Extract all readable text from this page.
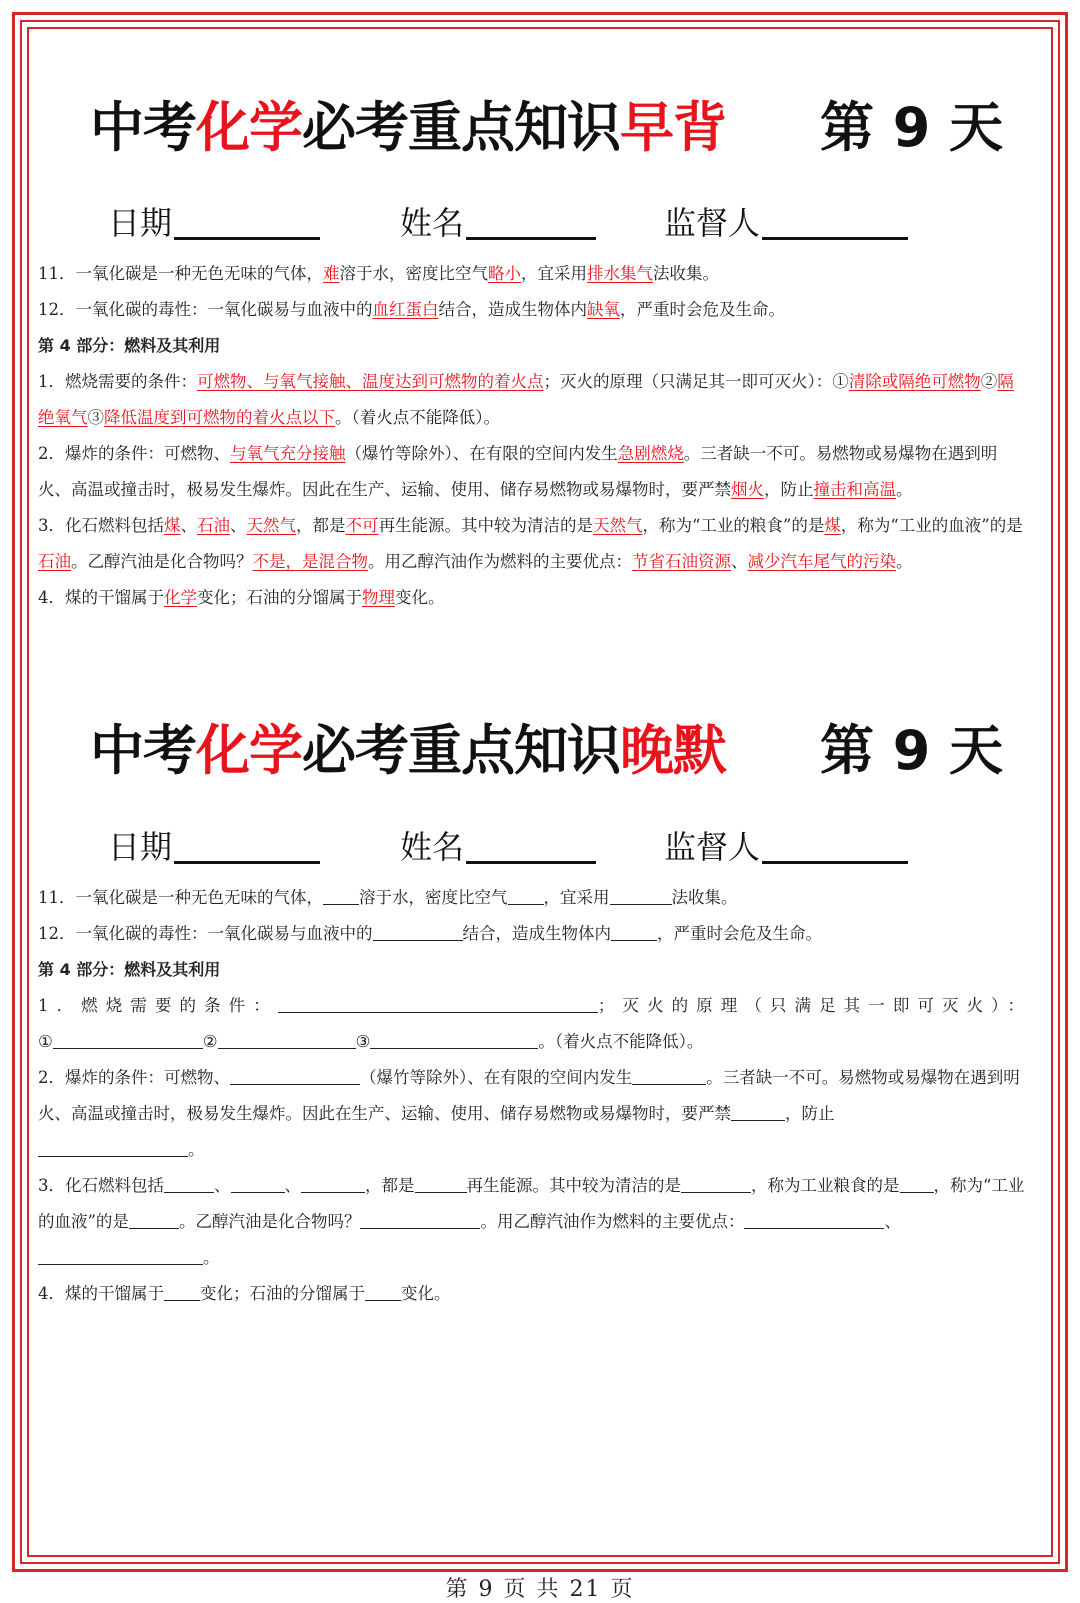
中考化学必考重点知识早背 第 9 天
日期	姓名	监督人

11．一氧化碳是一种无色无味的气体，难溶于水，密度比空气略小，宜采用排水集气法收集。

12．一氧化碳的毒性：一氧化碳易与血液中的血红蛋白结合，造成生物体内缺氧，严重时会危及生命。

第 4 部分：燃料及其利用

1．燃烧需要的条件：可燃物、与氧气接触、温度达到可燃物的着火点；灭火的原理（只满足其一即可灭火）：①清除或隔绝可燃物②隔绝氧气③降低温度到可燃物的着火点以下。（着火点不能降低）。

2．爆炸的条件：可燃物、与氧气充分接触（爆竹等除外）、在有限的空间内发生急剧燃烧。三者缺一不可。易燃物或易爆物在遇到明火、高温或撞击时，极易发生爆炸。因此在生产、运输、使用、储存易燃物或易爆物时，要严禁烟火，防止撞击和高温。

3．化石燃料包括煤、石油、天然气，都是不可再生能源。其中较为清洁的是天然气，称为“工业的粮食”的是煤，称为“工业的血液”的是石油。乙醇汽油是化合物吗？不是，是混合物。用乙醇汽油作为燃料的主要优点：节省石油资源、减少汽车尾气的污染。

4．煤的干馏属于化学变化；石油的分馏属于物理变化。

中考化学必考重点知识晚默 第 9 天
日期	姓名	监督人

11．一氧化碳是一种无色无味的气体， 溶于水，密度比空气 ，宜采用	法收集。

12．一氧化碳的毒性：一氧化碳易与血液中的	结合，造成生物体内	，严重时会危及生命。

第 4 部分：燃料及其利用

1．燃烧需要的条件：	；灭火的原理（只满足其一即可灭火）：

①	②	③	。（着火点不能降低）。

2．爆炸的条件：可燃物、	（爆竹等除外）、在有限的空间内发生	。三者缺一不可。易燃物或易爆物在遇到明火、高温或撞击时，极易发生爆炸。因此在生产、运输、使用、储存易燃物或易爆物时，要严禁	，防止
。

3．化石燃料包括	、	、	，都是	再生能源。其中较为清洁的是	，称为工业粮食的是 ，称为“工业的血液”的是	。乙醇汽油是化合物吗？	。用乙醇汽油作为燃料的主要优点：	、
。

4．煤的干馏属于 变化；石油的分馏属于 变化。

第 9 页 共 21 页
